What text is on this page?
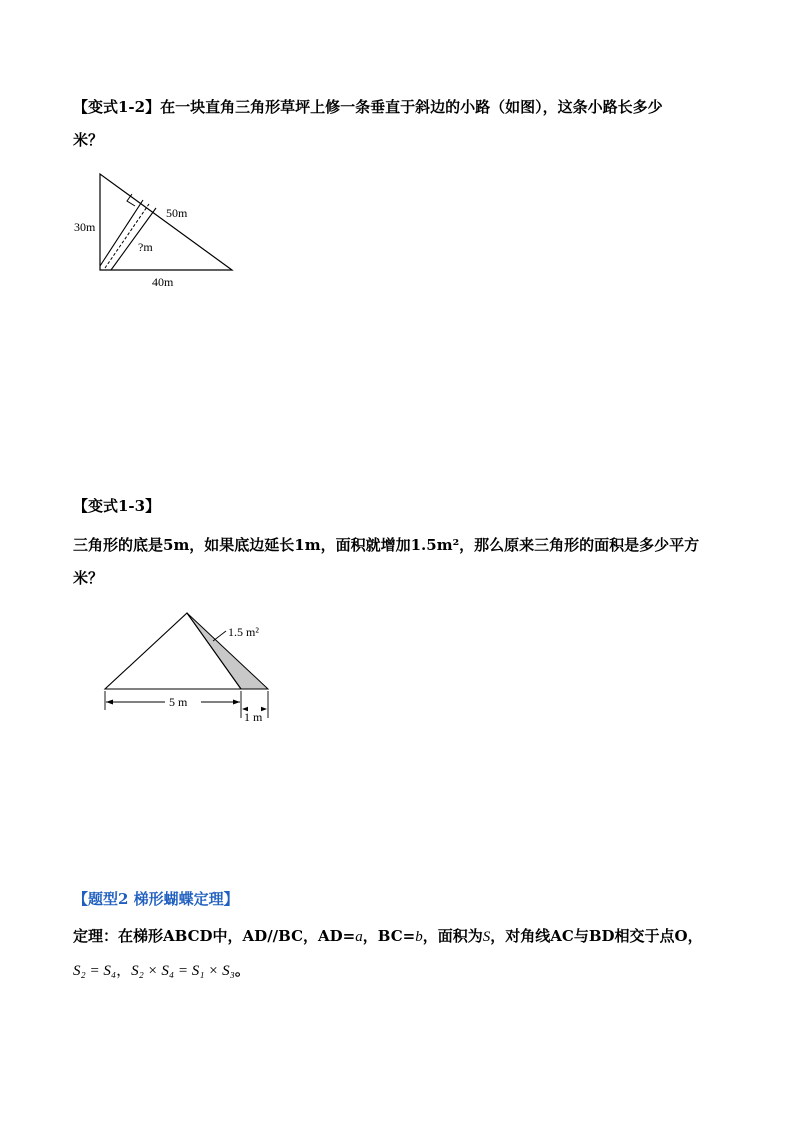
【变式1-2】在一块直角三角形草坪上修一条垂直于斜边的小路（如图），这条小路长多少
米？
30m
50m
?m
40m
【变式1-3】
三角形的底是5m，如果底边延长1m，面积就增加1.5m²，那么原来三角形的面积是多少平方
米？
1.5 m²
5 m
1 m
【题型2 梯形蝴蝶定理】
定理：在梯形ABCD中，AD//BC，AD=a，BC=b，面积为S，对角线AC与BD相交于点O，
S₂ = S₄，S₂ × S₄ = S₁ × S₃。
